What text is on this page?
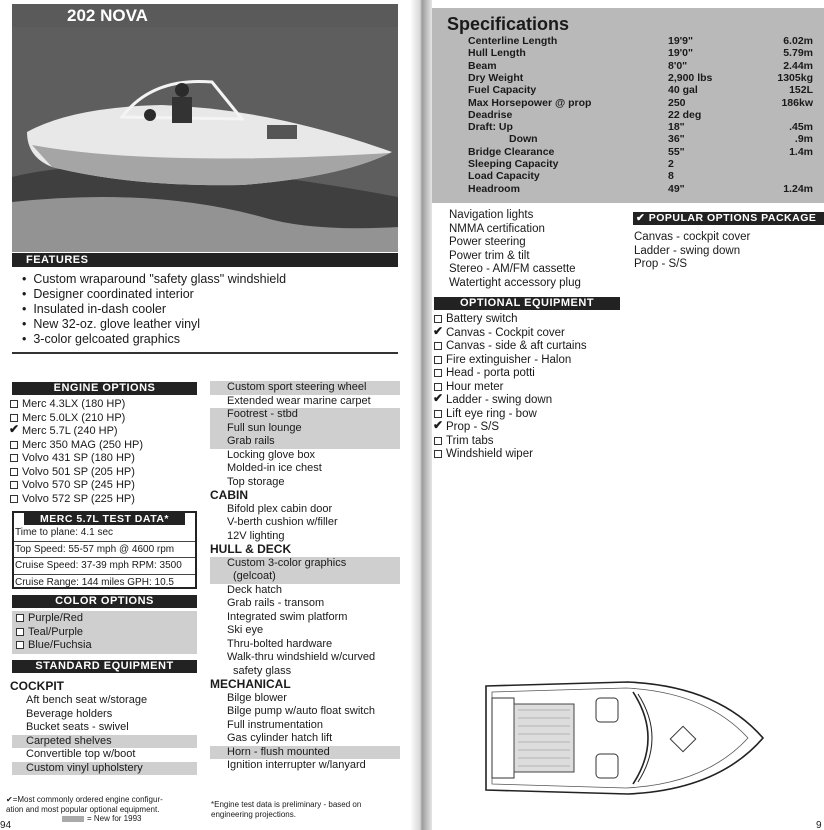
202 NOVA
FEATURES
•  Custom wraparound "safety glass" windshield
•  Designer coordinated interior
•  Insulated in-dash cooler
•  New 32-oz. glove leather vinyl
•  3-color gelcoated graphics
ENGINE OPTIONS
Merc 4.3LX (180 HP)
Merc 5.0LX (210 HP)
✔ Merc 5.7L (240 HP)
Merc 350 MAG (250 HP)
Volvo 431 SP (180 HP)
Volvo 501 SP (205 HP)
Volvo 570 SP (245 HP)
Volvo 572 SP (225 HP)
MERC 5.7L TEST DATA*
Time to plane: 4.1 sec
Top Speed: 55-57 mph @ 4600 rpm
Cruise Speed: 37-39 mph RPM: 3500
Cruise Range: 144 miles GPH: 10.5
COLOR OPTIONS
Purple/Red
Teal/Purple
Blue/Fuchsia
STANDARD EQUIPMENT
COCKPIT
Aft bench seat w/storage
Beverage holders
Bucket seats - swivel
Carpeted shelves
Convertible top w/boot
Custom vinyl upholstery
Custom sport steering wheel
Extended wear marine carpet
Footrest - stbd
Full sun lounge
Grab rails
Locking glove box
Molded-in ice chest
Top storage
CABIN
Bifold plex cabin door
V-berth cushion w/filler
12V lighting
HULL & DECK
Custom 3-color graphics
(gelcoat)
Deck hatch
Grab rails - transom
Integrated swim platform
Ski eye
Thru-bolted hardware
Walk-thru windshield w/curved
safety glass
MECHANICAL
Bilge blower
Bilge pump w/auto float switch
Full instrumentation
Gas cylinder hatch lift
Horn - flush mounted
Ignition interrupter w/lanyard
✔=Most commonly ordered engine configur-
ation and most popular optional equipment.
= New for 1993
*Engine test data is preliminary - based on
engineering projections.
94
Specifications
Centerline Length	19'9"	6.02m
Hull Length	19'0"	5.79m
Beam	8'0"	2.44m
Dry Weight	2,900 lbs	1305kg
Fuel Capacity	40 gal	152L
Max Horsepower @ prop	250	186kw
Deadrise	22 deg
Draft: Up	18"	.45m
Down	36"	.9m
Bridge Clearance	55"	1.4m
Sleeping Capacity	2
Load Capacity	8
Headroom	49"	1.24m
Navigation lights
NMMA certification
Power steering
Power trim & tilt
Stereo - AM/FM cassette
Watertight accessory plug
✔ POPULAR OPTIONS PACKAGE
Canvas - cockpit cover
Ladder - swing down
Prop - S/S
OPTIONAL EQUIPMENT
Battery switch
✔ Canvas - Cockpit cover
Canvas - side & aft curtains
Fire extinguisher - Halon
Head - porta potti
Hour meter
✔ Ladder - swing down
Lift eye ring - bow
✔ Prop - S/S
Trim tabs
Windshield wiper
9
